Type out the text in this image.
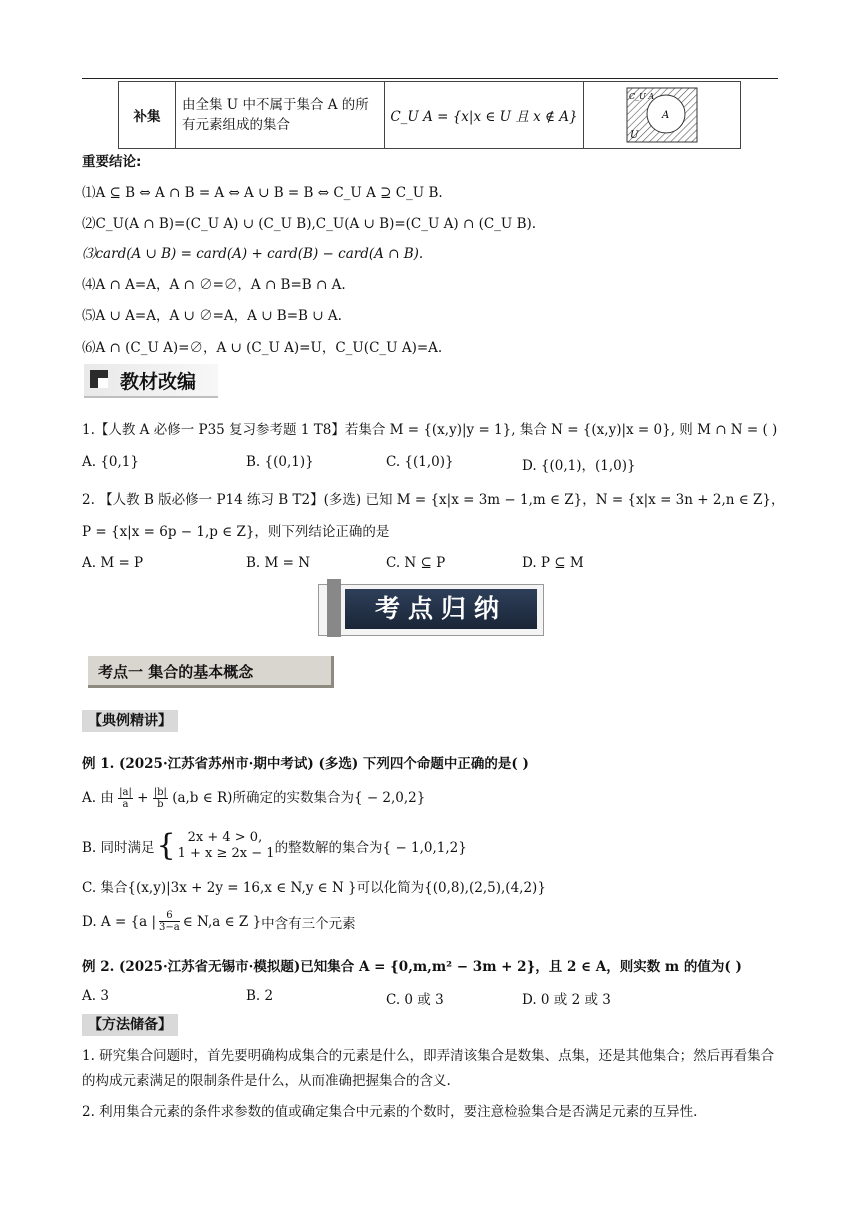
补集	由全集 U 中不属于集合 A 的所有元素组成的集合	C_U A = {x|x ∈ U 且 x ∉ A}	A
U
C_U A
重要结论:
⑴A ⊆ B ⇔ A ∩ B = A ⇔ A ∪ B = B ⇔ C_U A ⊇ C_U B.
⑵C_U(A ∩ B)=(C_U A) ∪ (C_U B),C_U(A ∪ B)=(C_U A) ∩ (C_U B).
⑶card(A ∪ B) = card(A) + card(B) − card(A ∩ B).
⑷A ∩ A=A，A ∩ ∅=∅，A ∩ B=B ∩ A.
⑸A ∪ A=A，A ∪ ∅=A，A ∪ B=B ∪ A.
⑹A ∩ (C_U A)=∅，A ∪ (C_U A)=U，C_U(C_U A)=A.
教材改编
1.【人教 A 必修一 P35 复习参考题 1 T8】若集合 M = {(x,y)|y = 1}, 集合 N = {(x,y)|x = 0}, 则 M ∩ N = ( )
A. {0,1}	B. {(0,1)}	C. {(1,0)}	D. {(0,1)，(1,0)}
2. 【人教 B 版必修一 P14 练习 B T2】(多选) 已知 M = {x|x = 3m − 1,m ∈ Z}，N = {x|x = 3n + 2,n ∈ Z}，
P = {x|x = 6p − 1,p ∈ Z}，则下列结论正确的是
A. M = P	B. M = N	C. N ⊆ P	D. P ⊆ M
考点归纳
考点一 集合的基本概念
【典例精讲】
例 1. (2025·江苏省苏州市·期中考试) (多选) 下列四个命题中正确的是( )
A. 由 $\frac{|a|}{a} + \frac{|b|}{b} (a,b$ ∈ R)所确定的实数集合为{ − 2,0,2}
B. 同时满足 { 2x + 4 > 0,
1 + x ≥ 2x − 1 的整数解的集合为{ − 1,0,1,2}
C. 集合{(x,y)|3x + 2y = 16,x ∈ N,y ∈ N }可以化简为{(0,8),(2,5),(4,2)}
D. A = {a | $\frac{6}{3-a}$ ∈ N,a ∈ Z } 中含有三个元素
例 2. (2025·江苏省无锡市·模拟题)已知集合 A = {0,m,m² − 3m + 2}，且 2 ∈ A，则实数 m 的值为( )
A. 3	B. 2	C. 0 或 3	D. 0 或 2 或 3
【方法储备】
1. 研究集合问题时，首先要明确构成集合的元素是什么，即弄清该集合是数集、点集，还是其他集合；然后再看集合的构成元素满足的限制条件是什么，从而准确把握集合的含义.
2. 利用集合元素的条件求参数的值或确定集合中元素的个数时，要注意检验集合是否满足元素的互异性.
